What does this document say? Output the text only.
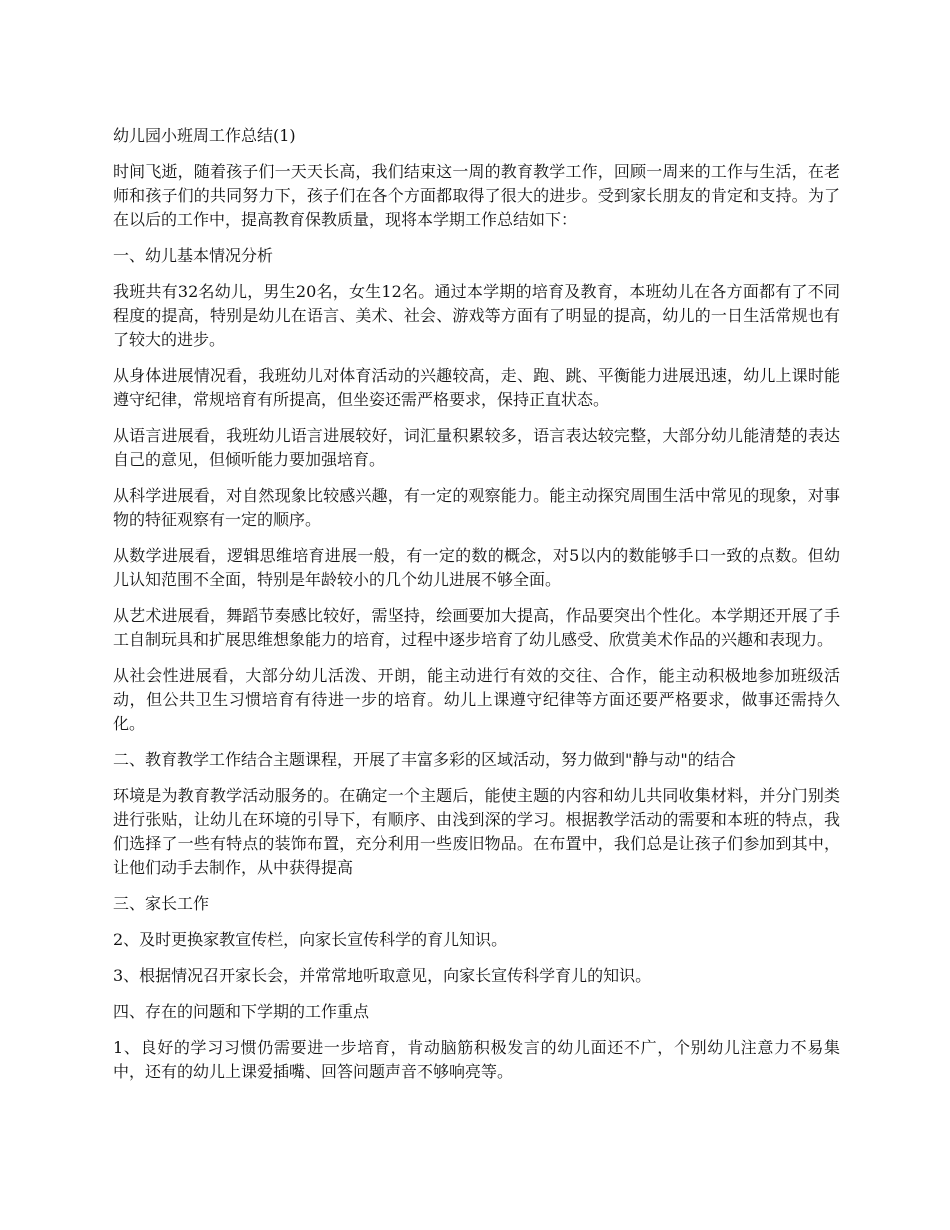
幼儿园小班周工作总结(1)

时间飞逝，随着孩子们一天天长高，我们结束这一周的教育教学工作，回顾一周来的工作与生活，在老师和孩子们的共同努力下，孩子们在各个方面都取得了很大的进步。受到家长朋友的肯定和支持。为了在以后的工作中，提高教育保教质量，现将本学期工作总结如下：

一、幼儿基本情况分析

我班共有32名幼儿，男生20名，女生12名。通过本学期的培育及教育，本班幼儿在各方面都有了不同程度的提高，特别是幼儿在语言、美术、社会、游戏等方面有了明显的提高，幼儿的一日生活常规也有了较大的进步。

从身体进展情况看，我班幼儿对体育活动的兴趣较高，走、跑、跳、平衡能力进展迅速，幼儿上课时能遵守纪律，常规培育有所提高，但坐姿还需严格要求，保持正直状态。

从语言进展看，我班幼儿语言进展较好，词汇量积累较多，语言表达较完整，大部分幼儿能清楚的表达自己的意见，但倾听能力要加强培育。

从科学进展看，对自然现象比较感兴趣，有一定的观察能力。能主动探究周围生活中常见的现象，对事物的特征观察有一定的顺序。

从数学进展看，逻辑思维培育进展一般，有一定的数的概念，对5以内的数能够手口一致的点数。但幼儿认知范围不全面，特别是年龄较小的几个幼儿进展不够全面。

从艺术进展看，舞蹈节奏感比较好，需坚持，绘画要加大提高，作品要突出个性化。本学期还开展了手工自制玩具和扩展思维想象能力的培育，过程中逐步培育了幼儿感受、欣赏美术作品的兴趣和表现力。

从社会性进展看，大部分幼儿活泼、开朗，能主动进行有效的交往、合作，能主动积极地参加班级活动，但公共卫生习惯培育有待进一步的培育。幼儿上课遵守纪律等方面还要严格要求，做事还需持久化。

二、教育教学工作结合主题课程，开展了丰富多彩的区域活动，努力做到"静与动"的结合

环境是为教育教学活动服务的。在确定一个主题后，能使主题的内容和幼儿共同收集材料，并分门别类进行张贴，让幼儿在环境的引导下，有顺序、由浅到深的学习。根据教学活动的需要和本班的特点，我们选择了一些有特点的装饰布置，充分利用一些废旧物品。在布置中，我们总是让孩子们参加到其中，让他们动手去制作，从中获得提高

三、家长工作

2、及时更换家教宣传栏，向家长宣传科学的育儿知识。

3、根据情况召开家长会，并常常地听取意见，向家长宣传科学育儿的知识。

四、存在的问题和下学期的工作重点

1、良好的学习习惯仍需要进一步培育，肯动脑筋积极发言的幼儿面还不广，个别幼儿注意力不易集中，还有的幼儿上课爱插嘴、回答问题声音不够响亮等。
